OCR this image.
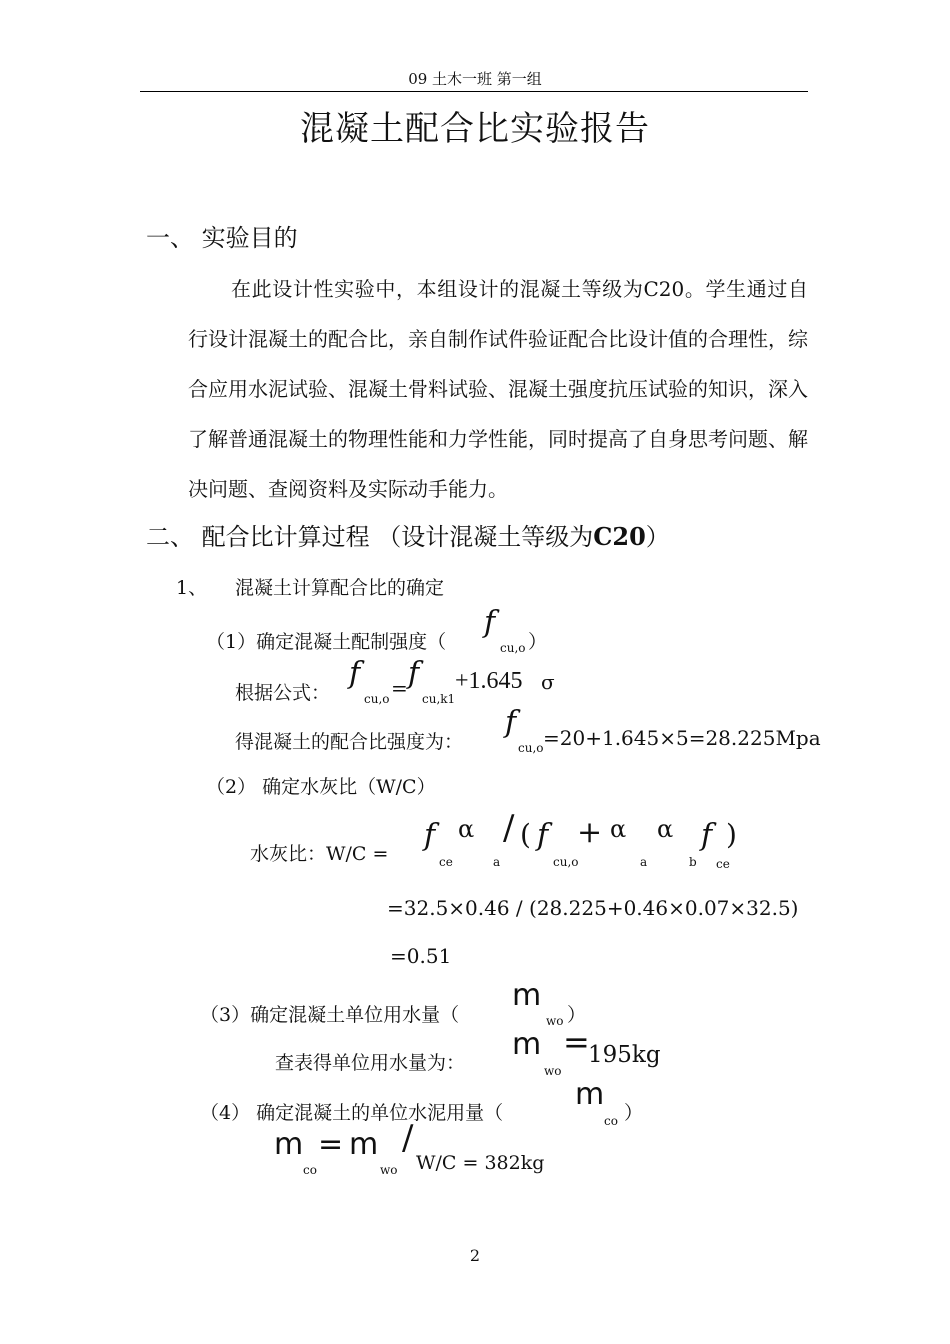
09 土木一班 第一组
混凝土配合比实验报告
一、 实验目的
在此设计性实验中，本组设计的混凝土等级为C20。学生通过自行设计混凝土的配合比，亲自制作试件验证配合比设计值的合理性，综合应用水泥试验、混凝土骨料试验、混凝土强度抗压试验的知识，深入了解普通混凝土的物理性能和力学性能，同时提高了自身思考问题、解决问题、查阅资料及实际动手能力。
二、 配合比计算过程 （设计混凝土等级为C20）
1、 混凝土计算配合比的确定
（1）确定混凝土配制强度（
f
cu,o ）
根据公式：
f
cu,o = f
cu,k1
+1.645 σ
得混凝土的配合比强度为：
f
cu,o =20+1.645×5=28.225Mpa
（2） 确定水灰比（W/C）
水灰比：W/C =
f
ce
α
a
/ ( f
cu,o
+ α
a
α
b
f
ce
)
=32.5×0.46 / (28.225+0.46×0.07×32.5)
=0.51
（3）确定混凝土单位用水量（
m
wo ）
查表得单位用水量为：
m
wo
=
195kg
（4） 确定混凝土的单位水泥用量（
m
co ）
m
co
= m
wo
/
W/C = 382kg
2
